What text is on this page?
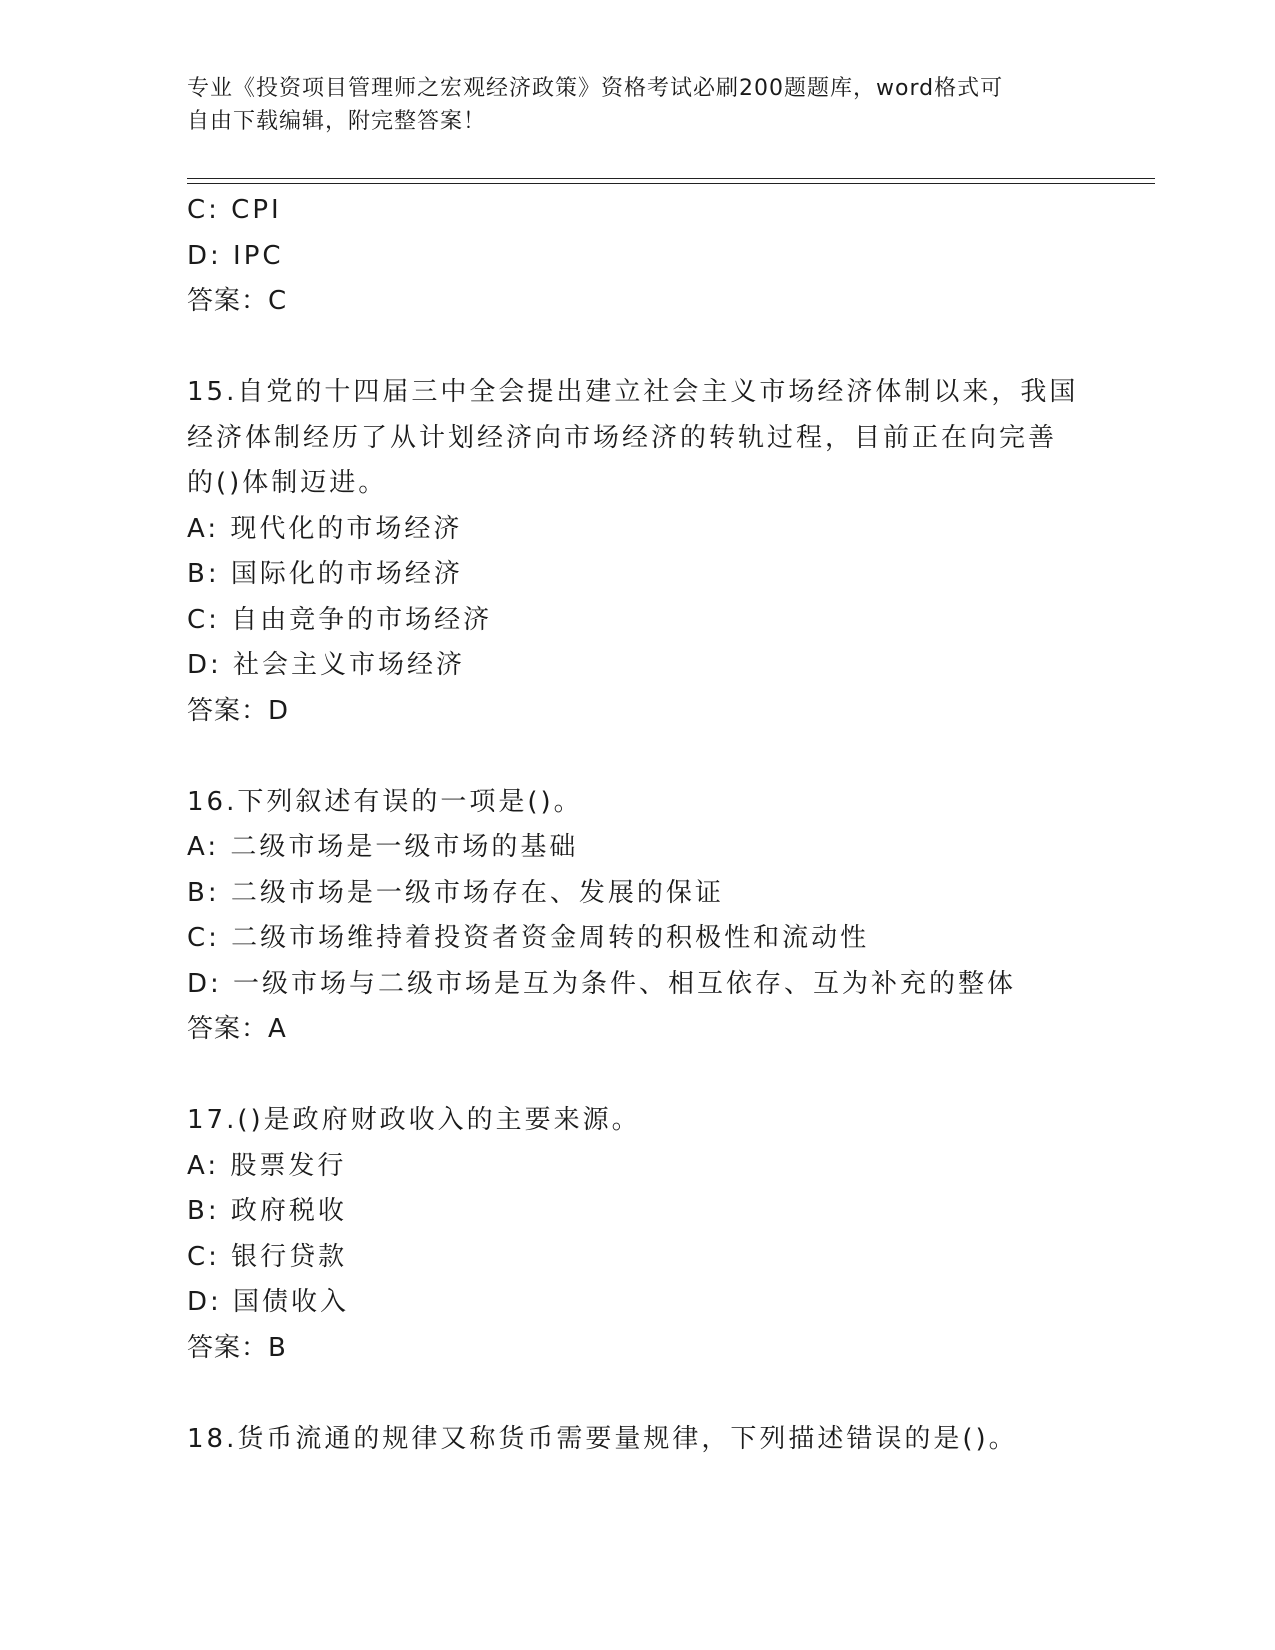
专业《投资项目管理师之宏观经济政策》资格考试必刷200题题库，word格式可
自由下载编辑，附完整答案！
C: CPI
D: IPC
答案：C
15.自党的十四届三中全会提出建立社会主义市场经济体制以来，我国
经济体制经历了从计划经济向市场经济的转轨过程，目前正在向完善
的()体制迈进。
A: 现代化的市场经济
B: 国际化的市场经济
C: 自由竞争的市场经济
D: 社会主义市场经济
答案：D
16.下列叙述有误的一项是()。
A: 二级市场是一级市场的基础
B: 二级市场是一级市场存在、发展的保证
C: 二级市场维持着投资者资金周转的积极性和流动性
D: 一级市场与二级市场是互为条件、相互依存、互为补充的整体
答案：A
17.()是政府财政收入的主要来源。
A: 股票发行
B: 政府税收
C: 银行贷款
D: 国债收入
答案：B
18.货币流通的规律又称货币需要量规律，下列描述错误的是()。
